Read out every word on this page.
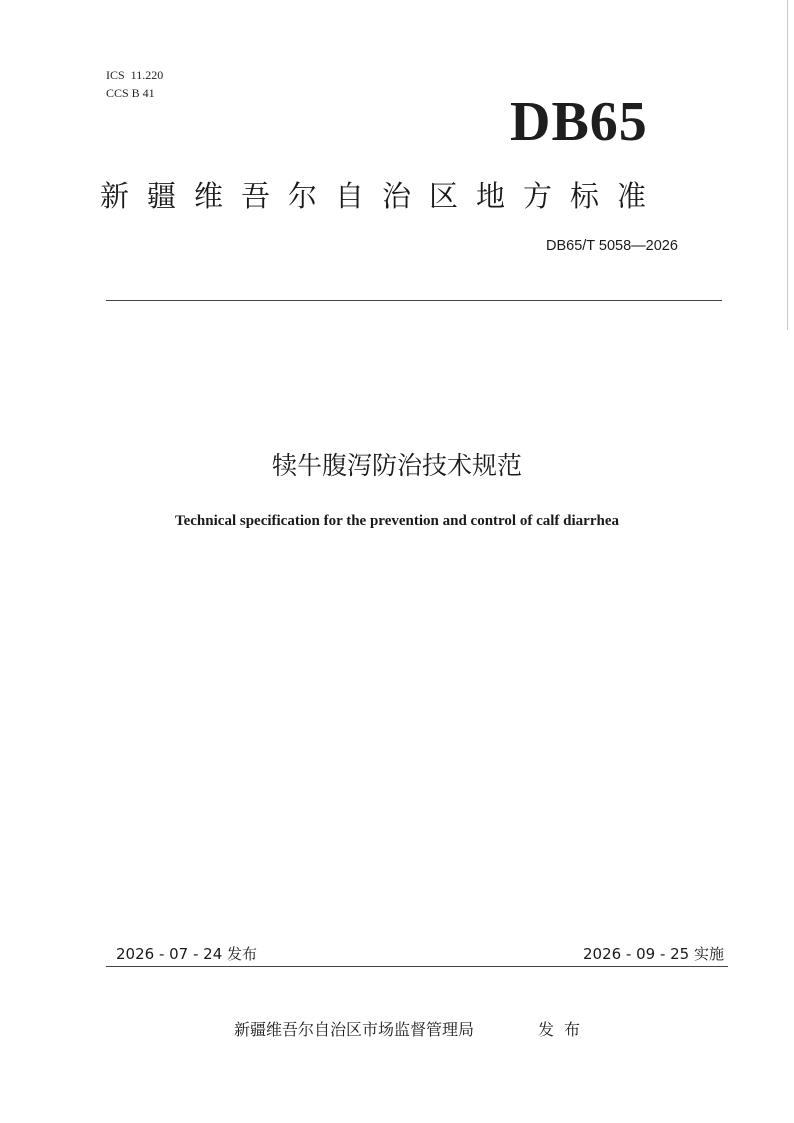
ICS  11.220
CCS B 41	DB65
新疆维吾尔自治区地方标准
DB65/T 5058—2026
犊牛腹泻防治技术规范
Technical specification for the prevention and control of calf diarrhea
2026 - 07 - 24 发布	2026 - 09 - 25 实施
新疆维吾尔自治区市场监督管理局	发布
